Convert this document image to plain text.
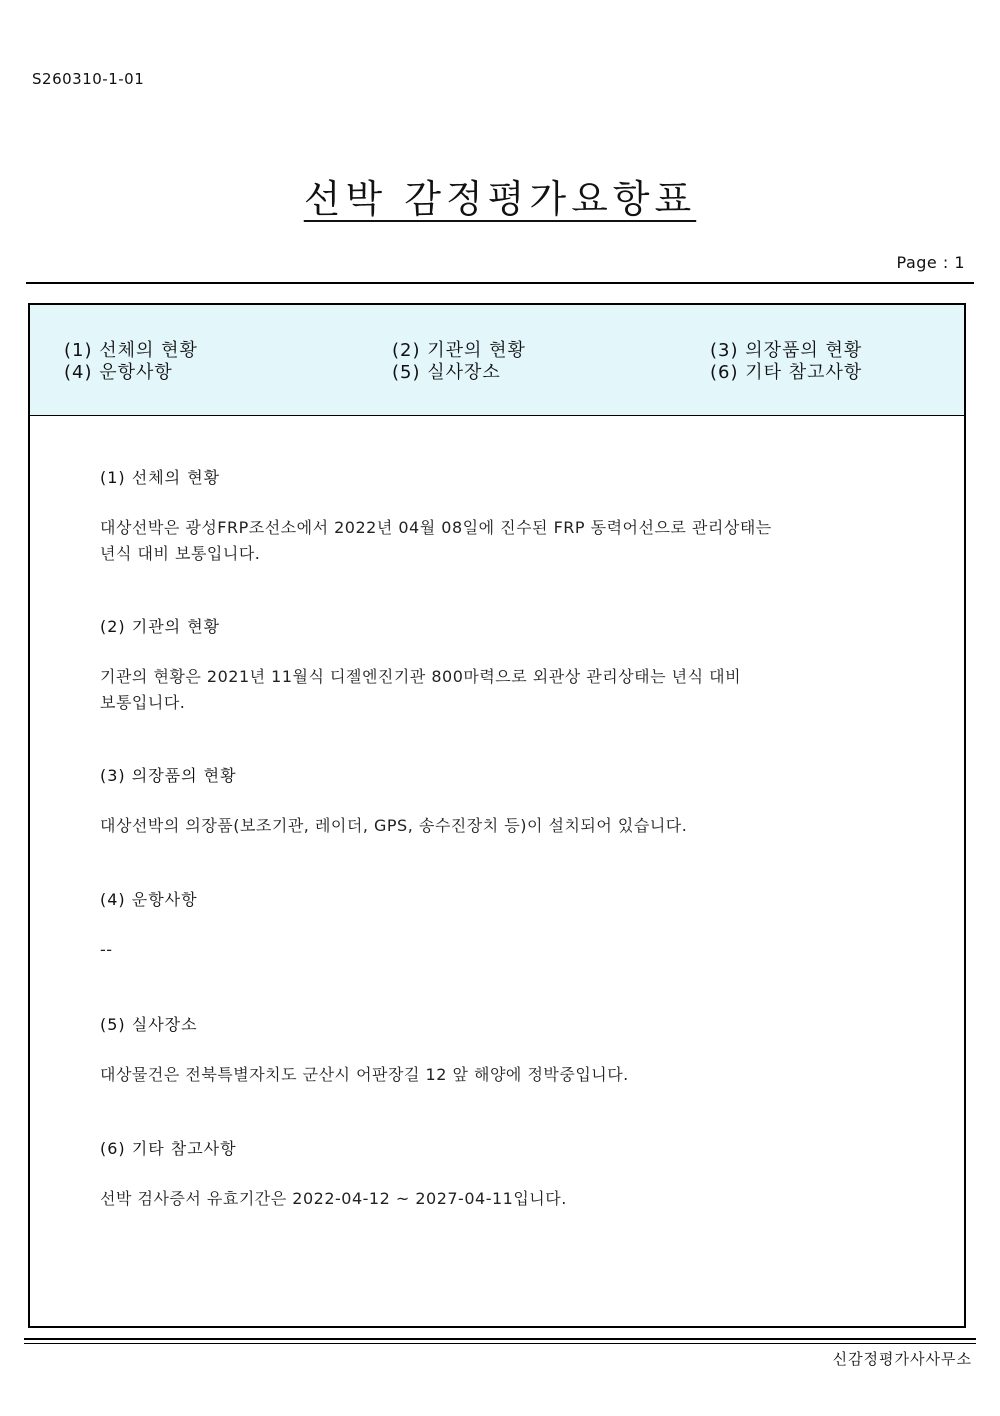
S260310-1-01
선박 감정평가요항표
Page : 1
(1) 선체의 현황	(2) 기관의 현황	(3) 의장품의 현황
(4) 운항사항	(5) 실사장소	(6) 기타 참고사항
(1) 선체의 현황

대상선박은 광성FRP조선소에서 2022년 04월 08일에 진수된 FRP 동력어선으로 관리상태는
년식 대비 보통입니다.

(2) 기관의 현황

기관의 현황은 2021년 11월식 디젤엔진기관 800마력으로 외관상 관리상태는 년식 대비
보통입니다.

(3) 의장품의 현황

대상선박의 의장품(보조기관, 레이더, GPS, 송수진장치 등)이 설치되어 있습니다.

(4) 운항사항

--

(5) 실사장소

대상물건은 전북특별자치도 군산시 어판장길 12 앞 해양에 정박중입니다.

(6) 기타 참고사항

선박 검사증서 유효기간은 2022-04-12 ~ 2027-04-11입니다.

신감정평가사사무소
